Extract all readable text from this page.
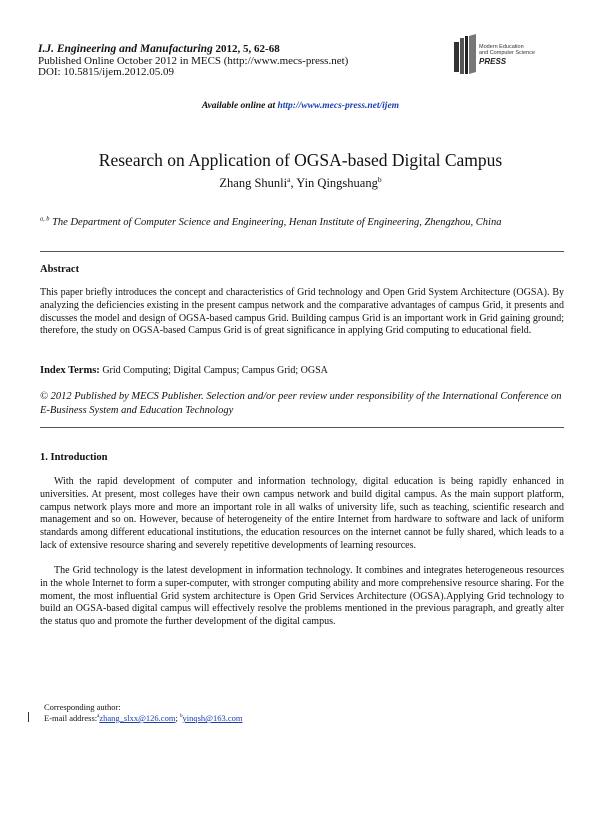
I.J. Engineering and Manufacturing 2012, 5, 62-68
Published Online October 2012 in MECS (http://www.mecs-press.net)
DOI: 10.5815/ijem.2012.05.09
Modern Education
and Computer Science
PRESS
Available online at http://www.mecs-press.net/ijem
Research on Application of OGSA-based Digital Campus
Zhang Shunli$^a$, Yin Qingshuang$^b$
$^{a, b}$ The Department of Computer Science and Engineering, Henan Institute of Engineering, Zhengzhou, China
Abstract
This paper briefly introduces the concept and characteristics of Grid technology and Open Grid System Architecture (OGSA). By analyzing the deficiencies existing in the present campus network and the comparative advantages of campus Grid, it presents and discusses the model and design of OGSA-based campus Grid. Building campus Grid is an important work in Grid gaining ground; therefore, the study on OGSA-based Campus Grid is of great significance in applying Grid computing to educational field.
Index Terms: Grid Computing; Digital Campus; Campus Grid; OGSA
© 2012 Published by MECS Publisher. Selection and/or peer review under responsibility of the International Conference on E-Business System and Education Technology
1. Introduction
With the rapid development of computer and information technology, digital education is being rapidly enhanced in universities. At present, most colleges have their own campus network and build digital campus. As the main support platform, campus network plays more and more an important role in all walks of university life, such as teaching, scientific research and management and so on. However, because of heterogeneity of the entire Internet from hardware to software and lack of uniform standards among different educational institutions, the education resources on the internet cannot be fully shared, which leads to a lack of extensive resource sharing and severely repetitive developments of learning resources.
The Grid technology is the latest development in information technology. It combines and integrates heterogeneous resources in the whole Internet to form a super-computer, with stronger computing ability and more comprehensive resource sharing. For the moment, the most influential Grid system architecture is Open Grid Services Architecture (OGSA).Applying Grid technology to build an OGSA-based digital campus will effectively resolve the problems mentioned in the previous paragraph, and greatly alter the status quo and promote the further development of the digital campus.
Corresponding author:
E-mail address:$^a$zhang_slxx@126.com; $^b$yinqsh@163.com
